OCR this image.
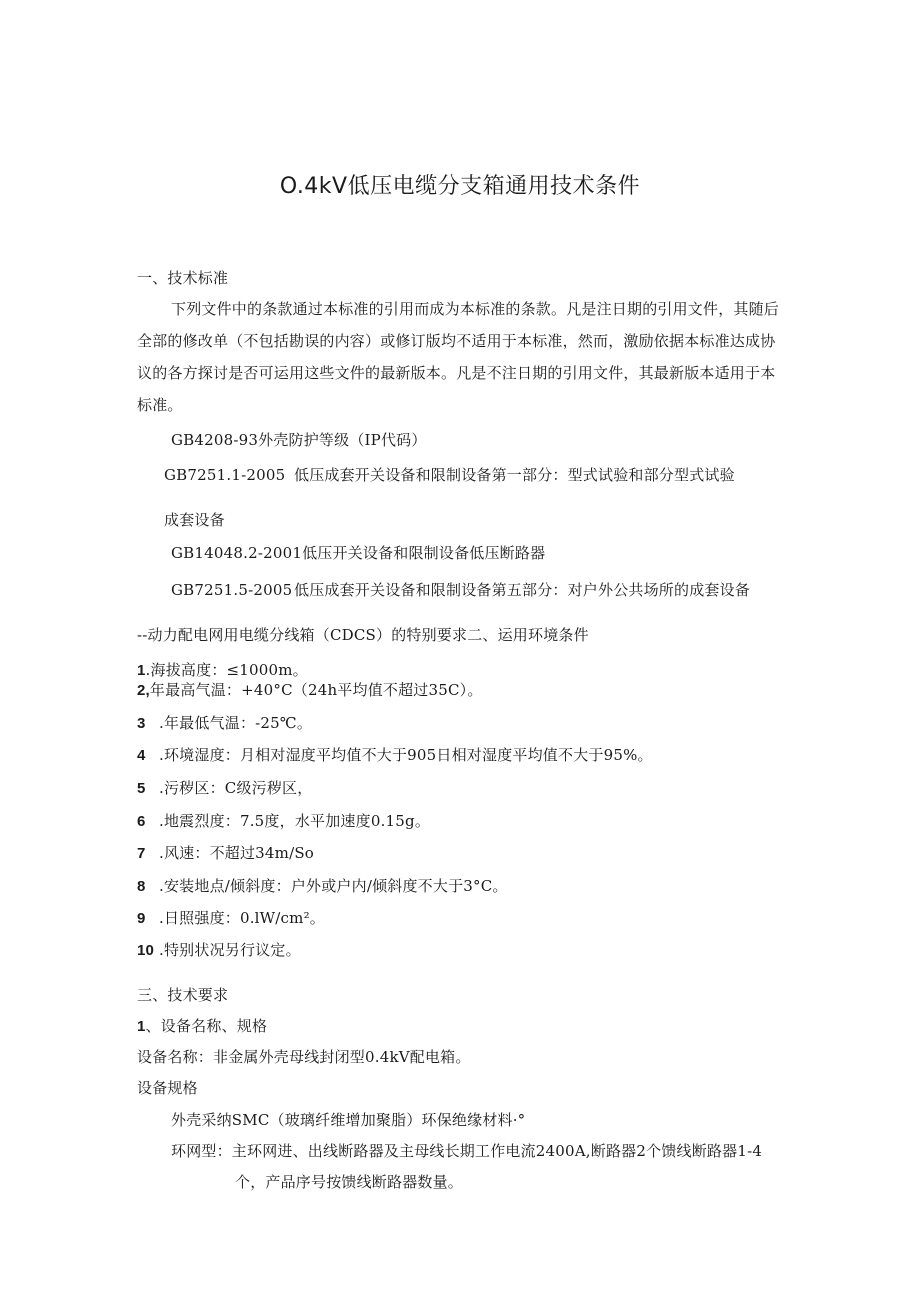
O.4kV低压电缆分支箱通用技术条件
一、技术标准
下列文件中的条款通过本标准的引用而成为本标准的条款。凡是注日期的引用文件，其随后
全部的修改单（不包括勘误的内容）或修订版均不适用于本标准，然而，激励依据本标准达成协
议的各方探讨是否可运用这些文件的最新版本。凡是不注日期的引用文件，其最新版本适用于本
标准。
GB4208-93外壳防护等级（IP代码）
GB7251.1-2005 低压成套开关设备和限制设备第一部分：型式试验和部分型式试验
成套设备
GB14048.2-2001低压开关设备和限制设备低压断路器
GB7251.5-2005 低压成套开关设备和限制设备第五部分：对户外公共场所的成套设备
--动力配电网用电缆分线箱（CDCS）的特别要求二、运用环境条件
1.海拔高度：≤1000m。
2,年最高气温：+40°C（24h平均值不超过35C）。
3 .年最低气温：-25℃。
4 .环境湿度：月相对湿度平均值不大于905日相对湿度平均值不大于95%。
5 .污秽区：C级污秽区，
6 .地震烈度：7.5度，水平加速度0.15g。
7 .风速：不超过34m∕So
8 .安装地点/倾斜度：户外或户内/倾斜度不大于3°C。
9 .日照强度：0.lW∕cm²。
10 .特别状况另行议定。
三、技术要求
1、设备名称、规格
设备名称：非金属外壳母线封闭型0.4kV配电箱。
设备规格
外壳采纳SMC（玻璃纤维增加聚脂）环保绝缘材料·°
环网型：主环网进、出线断路器及主母线长期工作电流2400A,断路器2个馈线断路器1-4
个，产品序号按馈线断路器数量。
